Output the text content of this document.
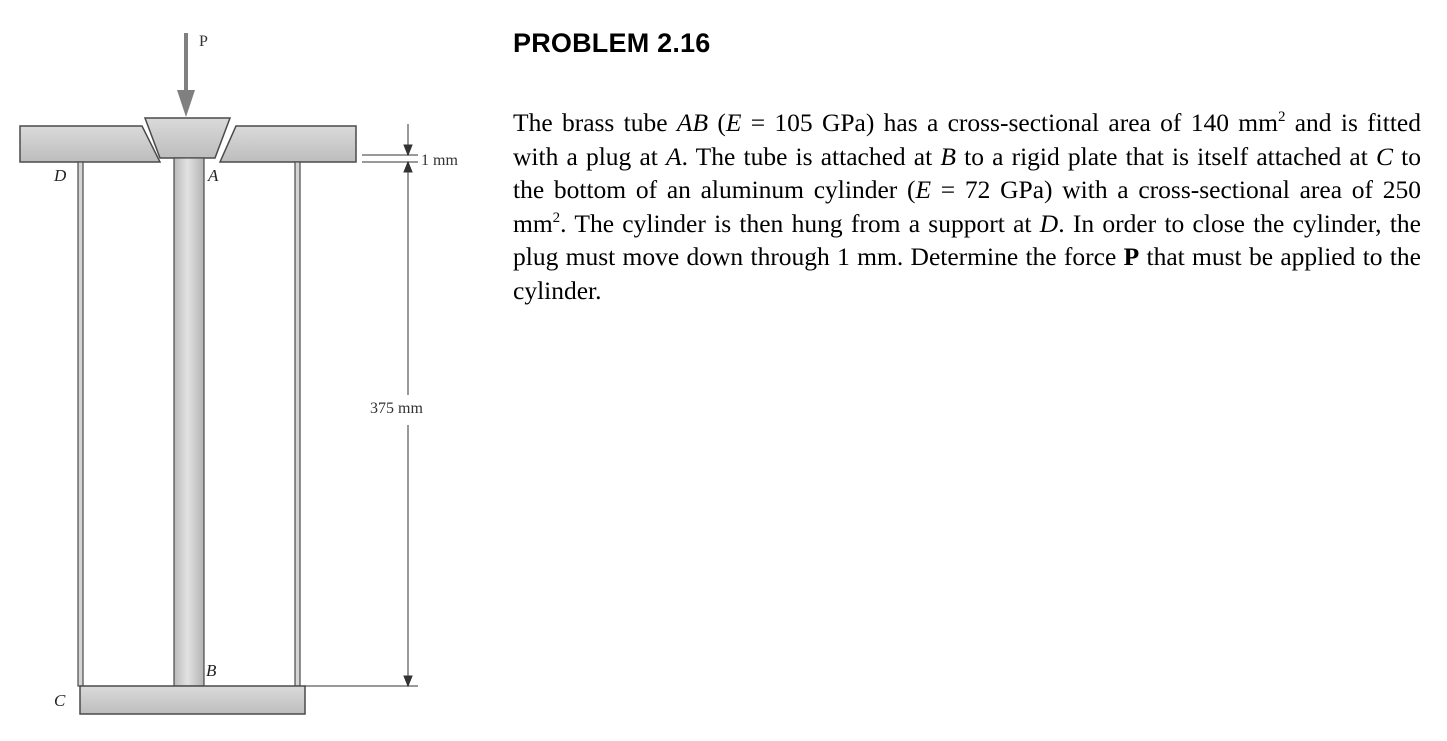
P
D	A
B
C
1 mm
375 mm
PROBLEM 2.16

The brass tube AB (E = 105 GPa) has a cross-sectional area of 140 $mm^2$ and is fitted with a plug at A. The tube is attached at B to a rigid plate that is itself attached at C to the bottom of an aluminum cylinder (E = 72 GPa) with a cross-sectional area of 250 $mm^2$. The cylinder is then hung from a support at D. In order to close the cylinder, the plug must move down through 1 mm. Determine the force P that must be applied to the cylinder.
